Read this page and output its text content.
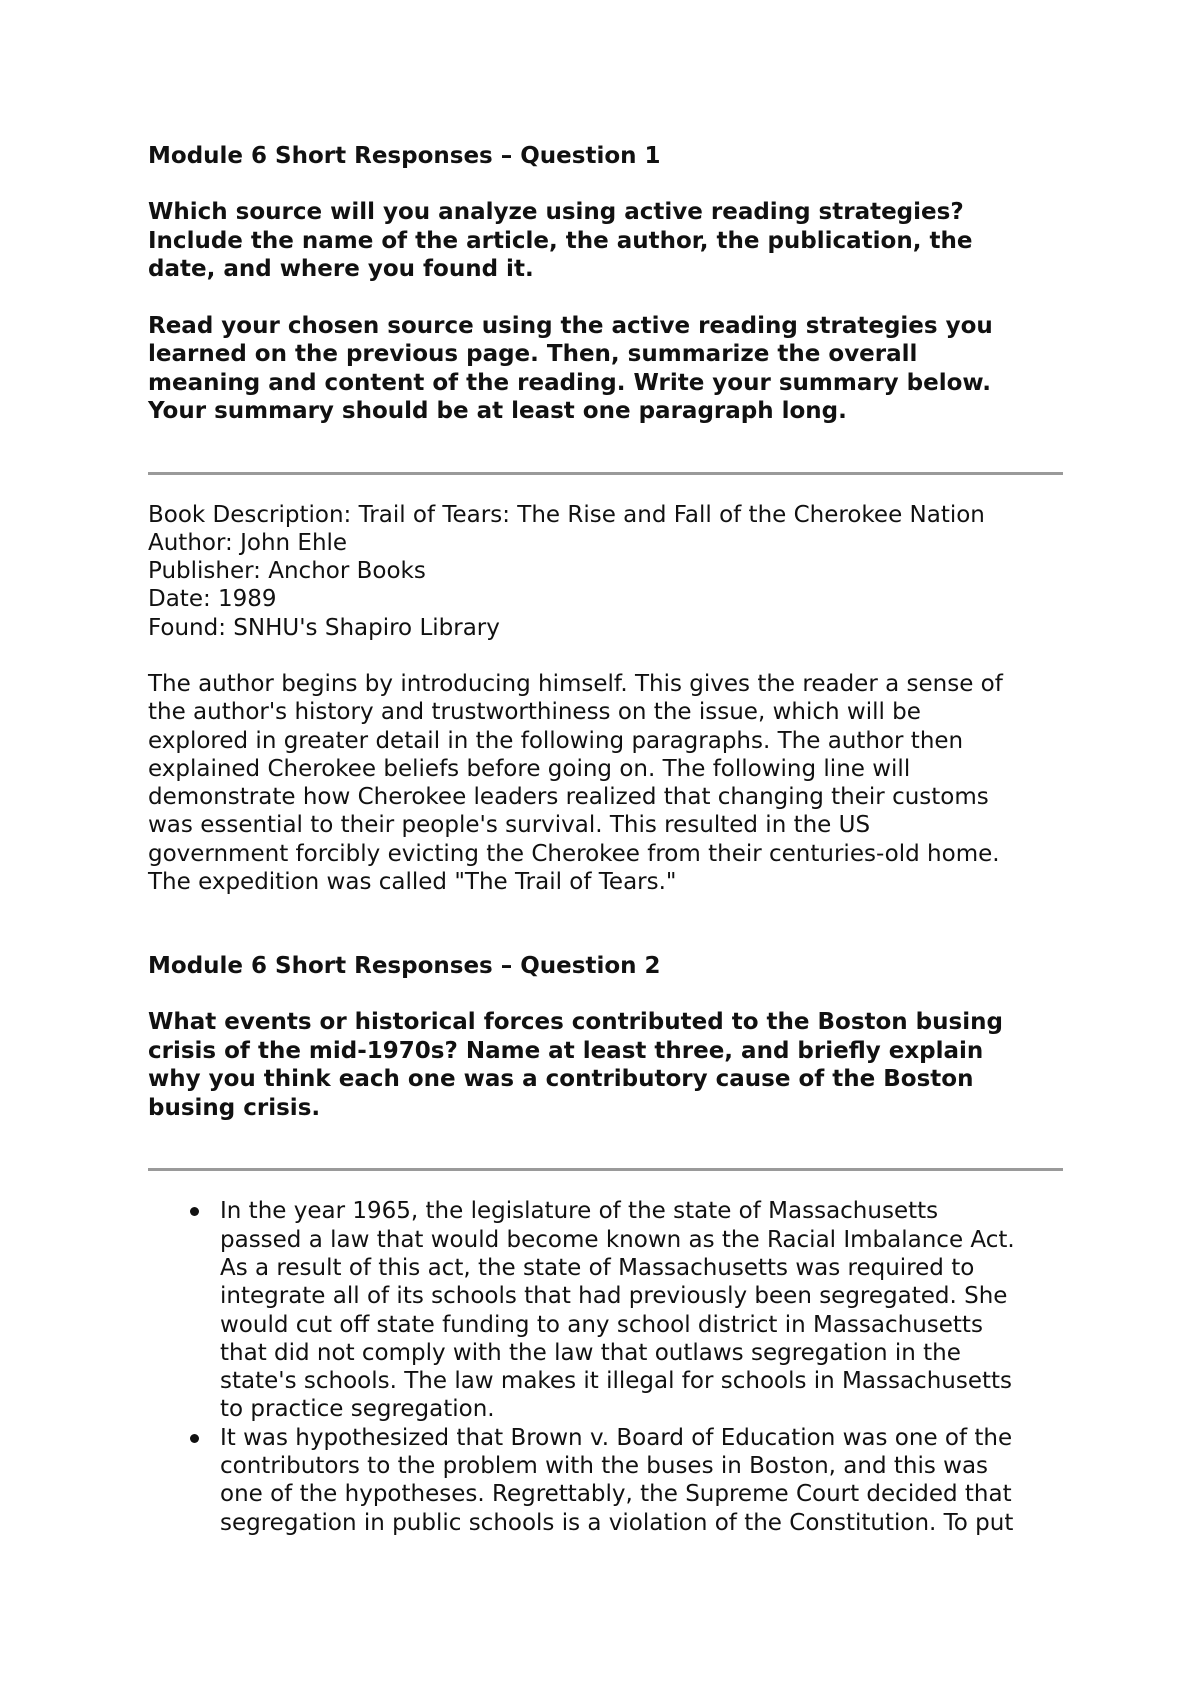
Module 6 Short Responses – Question 1

Which source will you analyze using active reading strategies?
Include the name of the article, the author, the publication, the
date, and where you found it.

Read your chosen source using the active reading strategies you
learned on the previous page. Then, summarize the overall
meaning and content of the reading. Write your summary below.
Your summary should be at least one paragraph long.

Book Description: Trail of Tears: The Rise and Fall of the Cherokee Nation
Author: John Ehle
Publisher: Anchor Books
Date: 1989
Found: SNHU's Shapiro Library

The author begins by introducing himself. This gives the reader a sense of
the author's history and trustworthiness on the issue, which will be
explored in greater detail in the following paragraphs. The author then
explained Cherokee beliefs before going on. The following line will
demonstrate how Cherokee leaders realized that changing their customs
was essential to their people's survival. This resulted in the US
government forcibly evicting the Cherokee from their centuries-old home.
The expedition was called "The Trail of Tears."

Module 6 Short Responses – Question 2

What events or historical forces contributed to the Boston busing
crisis of the mid-1970s? Name at least three, and briefly explain
why you think each one was a contributory cause of the Boston
busing crisis.

In the year 1965, the legislature of the state of Massachusetts
passed a law that would become known as the Racial Imbalance Act.
As a result of this act, the state of Massachusetts was required to
integrate all of its schools that had previously been segregated. She
would cut off state funding to any school district in Massachusetts
that did not comply with the law that outlaws segregation in the
state's schools. The law makes it illegal for schools in Massachusetts
to practice segregation.
It was hypothesized that Brown v. Board of Education was one of the
contributors to the problem with the buses in Boston, and this was
one of the hypotheses. Regrettably, the Supreme Court decided that
segregation in public schools is a violation of the Constitution. To put
